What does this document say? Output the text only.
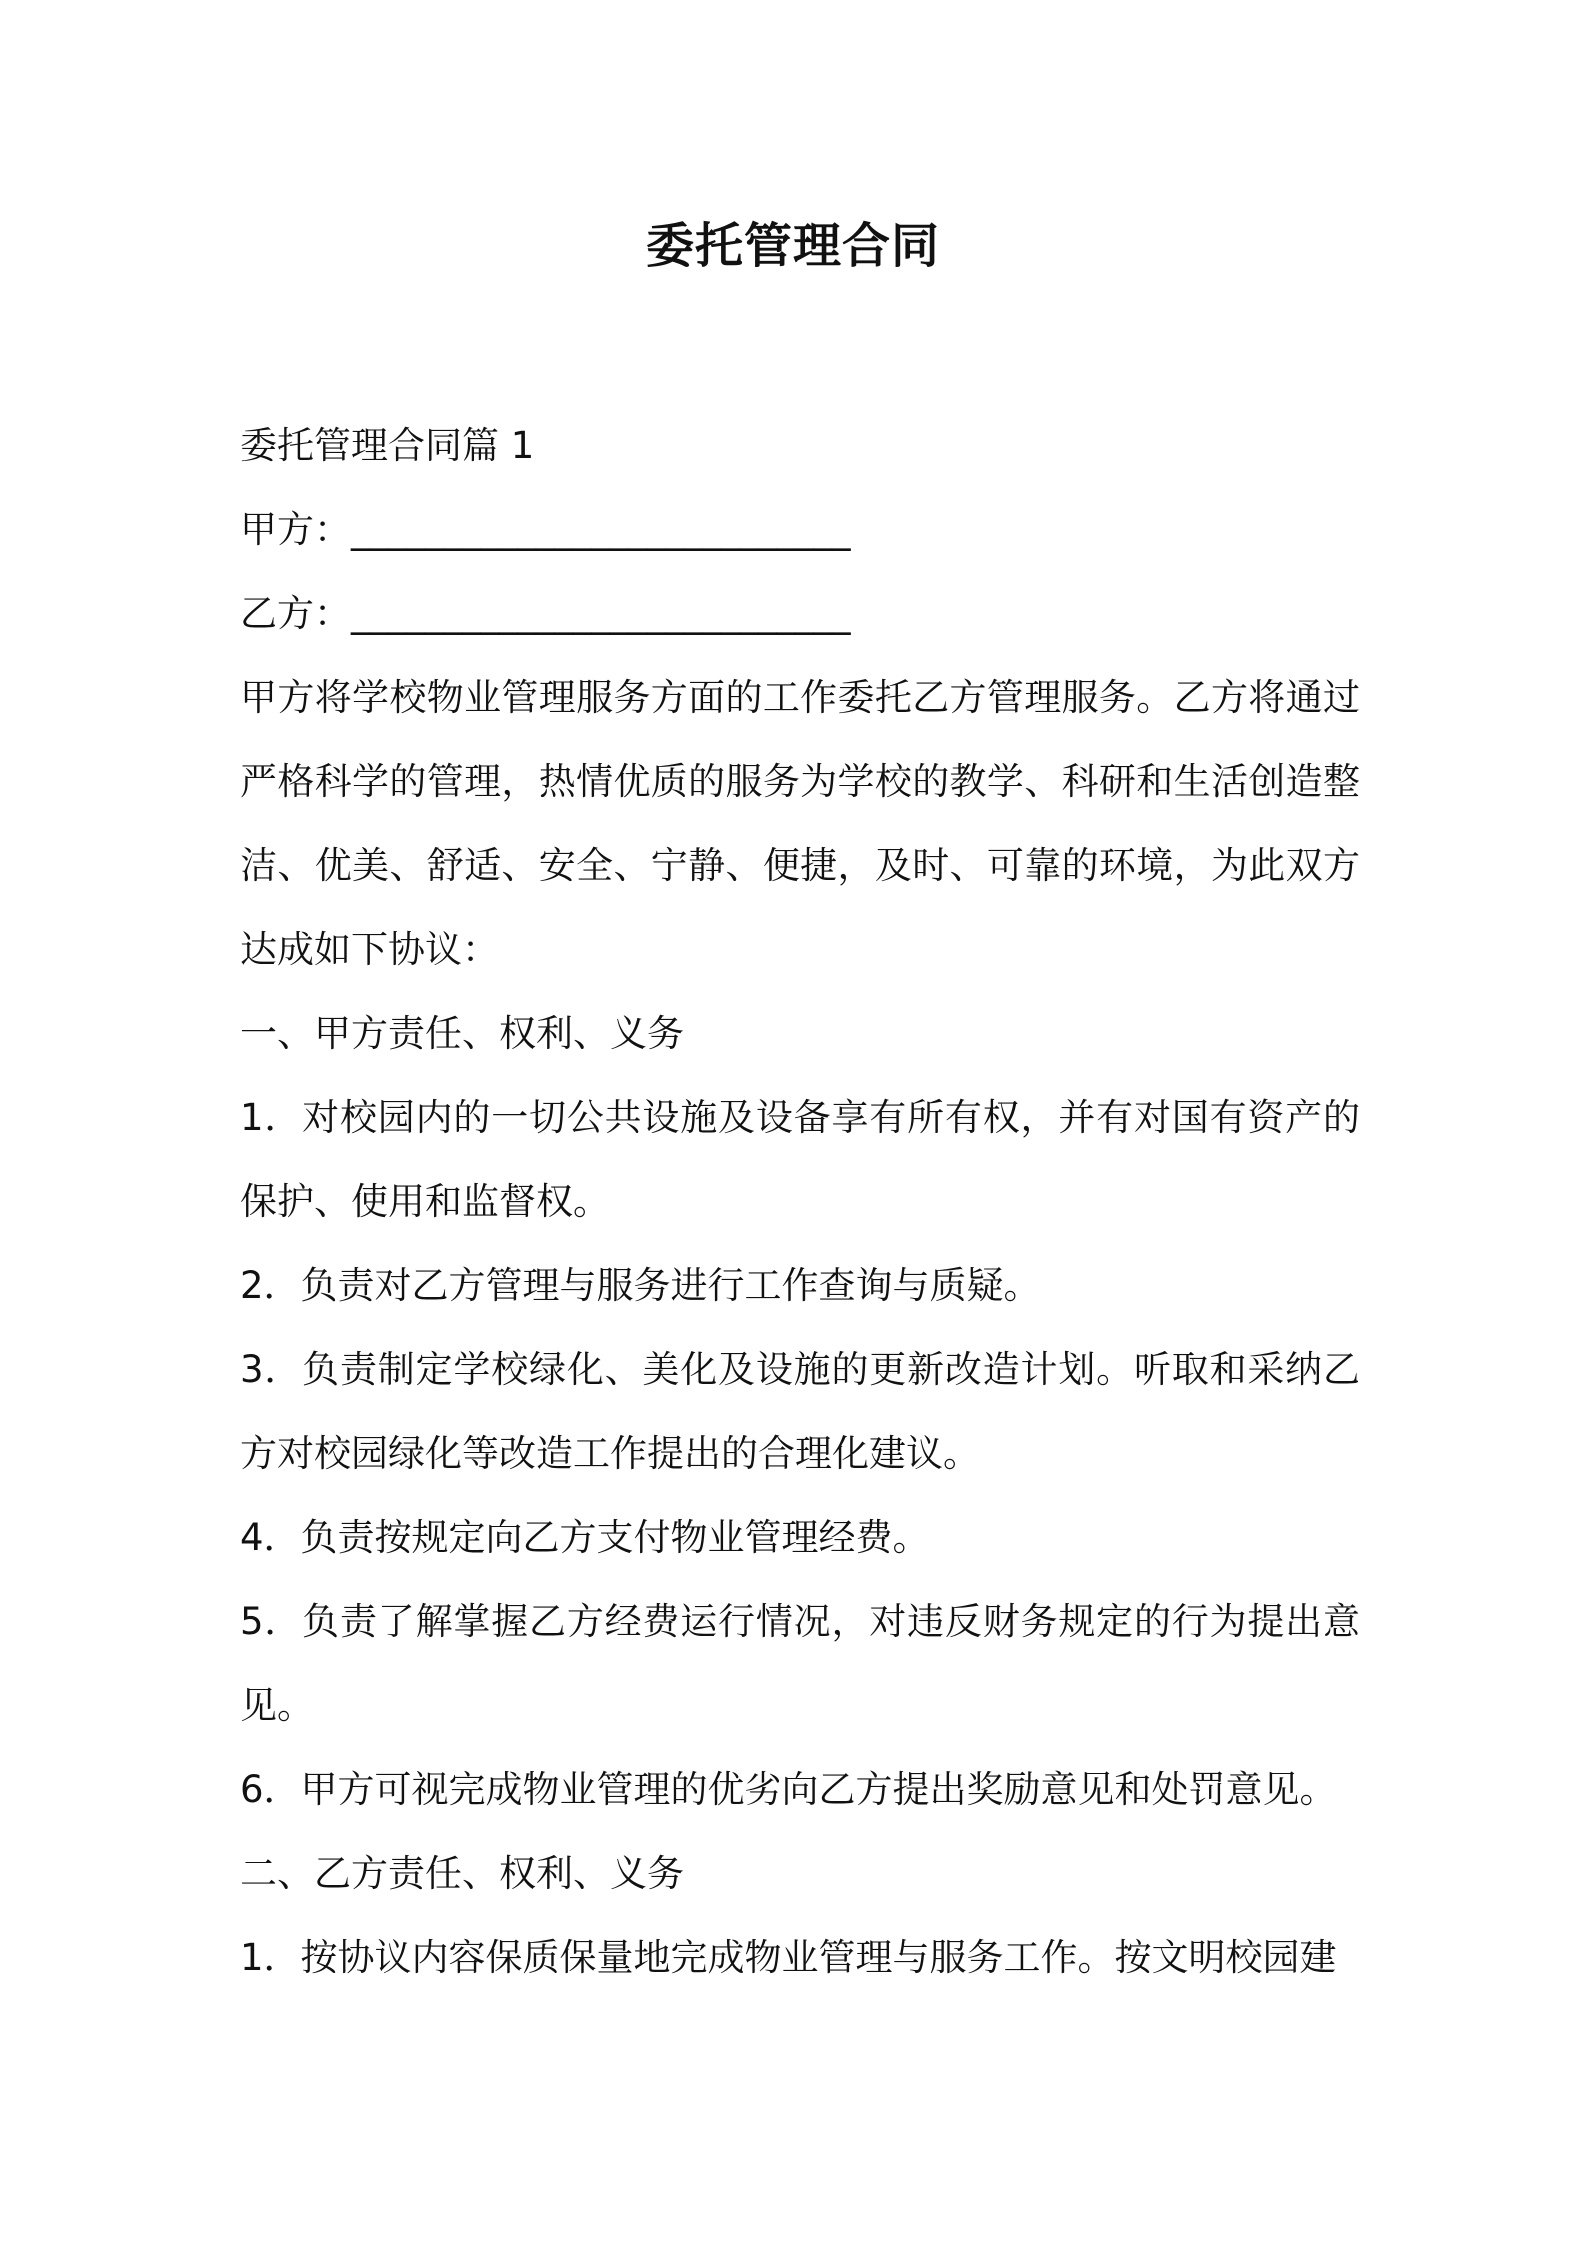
委托管理合同

委托管理合同篇 1

甲方：___________________________

乙方：___________________________

甲方将学校物业管理服务方面的工作委托乙方管理服务。乙方将通过严格科学的管理，热情优质的服务为学校的教学、科研和生活创造整洁、优美、舒适、安全、宁静、便捷，及时、可靠的环境，为此双方达成如下协议：

一、甲方责任、权利、义务

1．对校园内的一切公共设施及设备享有所有权，并有对国有资产的保护、使用和监督权。

2．负责对乙方管理与服务进行工作查询与质疑。

3．负责制定学校绿化、美化及设施的更新改造计划。听取和采纳乙方对校园绿化等改造工作提出的合理化建议。

4．负责按规定向乙方支付物业管理经费。

5．负责了解掌握乙方经费运行情况，对违反财务规定的行为提出意见。

6．甲方可视完成物业管理的优劣向乙方提出奖励意见和处罚意见。

二、乙方责任、权利、义务

1．按协议内容保质保量地完成物业管理与服务工作。按文明校园建
